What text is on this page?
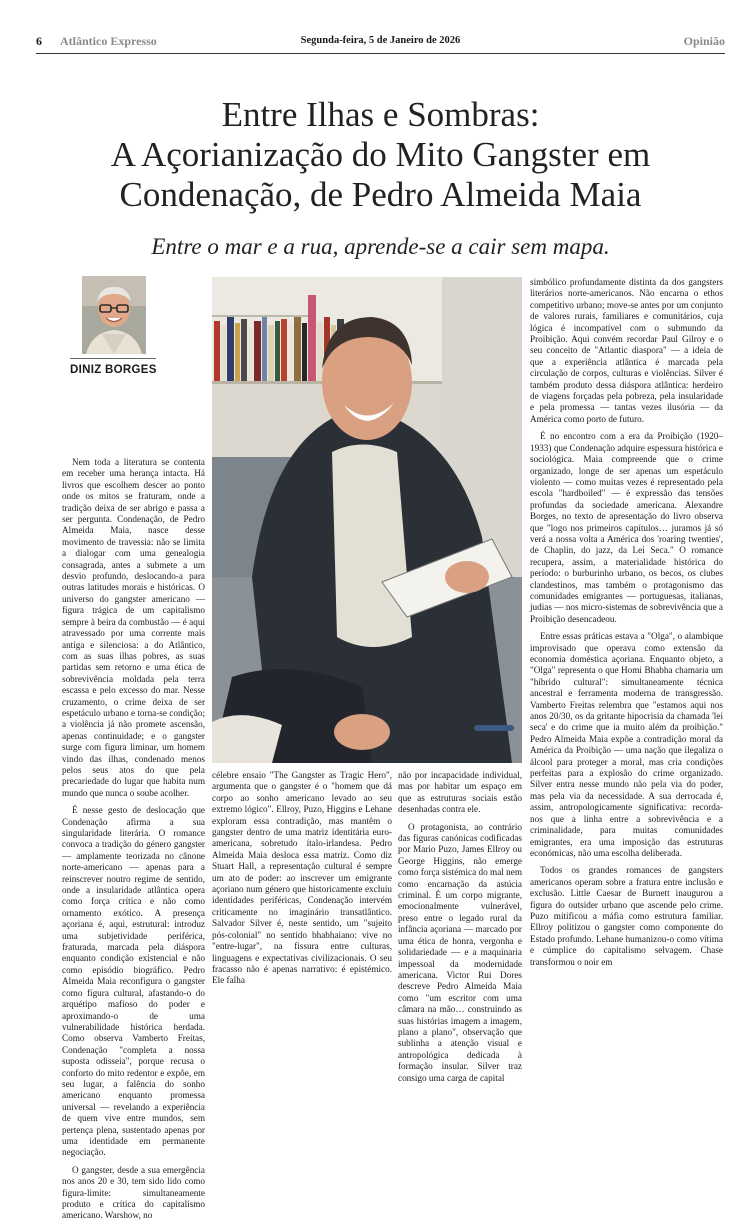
6 Atlântico Expresso	Segunda-feira, 5 de Janeiro de 2026	Opinião
Entre Ilhas e Sombras:
A Açorianização do Mito Gangster em
Condenação, de Pedro Almeida Maia
Entre o mar e a rua, aprende-se a cair sem mapa.
DINIZ BORGES

Nem toda a literatura se contenta em receber uma herança intacta. Há livros que escolhem descer ao ponto onde os mitos se fraturam, onde a tradição deixa de ser abrigo e passa a ser pergunta. Condenação, de Pedro Almeida Maia, nasce desse movimento de travessia: não se limita a dialogar com uma genealogia consagrada, antes a submete a um desvio profundo, deslocando-a para outras latitudes morais e históricas. O universo do gangster americano — figura trágica de um capitalismo sempre à beira da combustão — é aqui atravessado por uma corrente mais antiga e silenciosa: a do Atlântico, com as suas ilhas pobres, as suas partidas sem retorno e uma ética de sobrevivência moldada pela terra escassa e pelo excesso do mar. Nesse cruzamento, o crime deixa de ser espetáculo urbano e torna-se condição; a violência já não promete ascensão, apenas continuidade; e o gangster surge com figura liminar, um homem vindo das ilhas, condenado menos pelos seus atos do que pela precariedade do lugar que habita num mundo que nunca o soube acolher.

É nesse gesto de deslocação que Condenação afirma a sua singularidade literária. O romance convoca a tradição do género gangster — amplamente teorizada no cânone norte-americano — apenas para a reinscrever noutro regime de sentido, onde a insularidade atlântica opera como força crítica e não como ornamento exótico. A presença açoriana é, aqui, estrutural: introduz uma subjetividade periférica, fraturada, marcada pela diáspora enquanto condição existencial e não como episódio biográfico. Pedro Almeida Maia reconfigura o gangster como figura cultural, afastando-o do arquétipo mafioso do poder e aproximando-o de uma vulnerabilidade histórica herdada. Como observa Vamberto Freitas, Condenação "completa a nossa suposta odisseia", porque recusa o conforto do mito redentor e expõe, em seu lugar, a falência do sonho americano enquanto promessa universal — revelando a experiência de quem vive entre mundos, sem pertença plena, sustentado apenas por uma identidade em permanente negociação.

O gangster, desde a sua emergência nos anos 20 e 30, tem sido lido como figura-limite: simultaneamente produto e crítica do capitalismo americano. Warshow, no

célebre ensaio "The Gangster as Tragic Hero", argumenta que o gangster é o "homem que dá corpo ao sonho americano levado ao seu extremo lógico". Ellroy, Puzo, Higgins e Lehane exploram essa contradição, mas mantêm o gangster dentro de uma matriz identitária euro-americana, sobretudo ítalo-irlandesa. Pedro Almeida Maia desloca essa matriz. Como diz Stuart Hall, a representação cultural é sempre um ato de poder: ao inscrever um emigrante açoriano num género que historicamente excluiu identidades periféricas, Condenação intervém criticamente no imaginário transatlântico. Salvador Silver é, neste sentido, um "sujeito pós-colonial" no sentido bhabhaiano: vive no "entre-lugar", na fissura entre culturas, linguagens e expectativas civilizacionais. O seu fracasso não é apenas narrativo: é epistémico. Ele falha

não por incapacidade individual, mas por habitar um espaço em que as estruturas sociais estão desenhadas contra ele.

O protagonista, ao contrário das figuras canónicas codificadas por Mario Puzo, James Ellroy ou George Higgins, não emerge como força sistémica do mal nem como encarnação da astúcia criminal. É um corpo migrante, emocionalmente vulnerável, preso entre o legado rural da infância açoriana — marcado por uma ética de honra, vergonha e solidariedade — e a maquinaria impessoal da modernidade americana. Victor Rui Dores descreve Pedro Almeida Maia como "um escritor com uma câmara na mão… construindo as suas histórias imagem a imagem, plano a plano", observação que sublinha a atenção visual e antropológica dedicada à formação insular. Silver traz consigo uma carga de capital

simbólico profundamente distinta da dos gangsters literários norte-americanos. Não encarna o ethos competitivo urbano; move-se antes por um conjunto de valores rurais, familiares e comunitários, cuja lógica é incompatível com o submundo da Proibição. Aqui convém recordar Paul Gilroy e o seu conceito de "Atlantic diaspora" — a ideia de que a experiência atlântica é marcada pela circulação de corpos, culturas e violências. Silver é também produto dessa diáspora atlântica: herdeiro de viagens forçadas pela pobreza, pela insularidade e pela promessa — tantas vezes ilusória — da América como porto de futuro.

É no encontro com a era da Proibição (1920–1933) que Condenação adquire espessura histórica e sociológica. Maia compreende que o crime organizado, longe de ser apenas um espetáculo violento — como muitas vezes é representado pela escola "hardboiled" — é expressão das tensões profundas da sociedade americana. Alexandre Borges, no texto de apresentação do livro observa que "logo nos primeiros capítulos… juramos já só verá a nossa volta a América dos 'roaring twenties', de Chaplin, do jazz, da Lei Seca." O romance recupera, assim, a materialidade histórica do período: o burburinho urbano, os becos, os clubes clandestinos, mas também o protagonismo das comunidades emigrantes — portuguesas, italianas, judias — nos micro-sistemas de sobrevivência que a Proibição desencadeou.

Entre essas práticas estava a "Olga", o alambique improvisado que operava como extensão da economia doméstica açoriana. Enquanto objeto, a "Olga" representa o que Homi Bhabha chamaria um "híbrido cultural": simultaneamente técnica ancestral e ferramenta moderna de transgressão. Vamberto Freitas relembra que "estamos aqui nos anos 20/30, os da gritante hipocrisia da chamada 'lei seca' e do crime que ia muito além da proibição." Pedro Almeida Maia expõe a contradição moral da América da Proibição — uma nação que ilegaliza o álcool para proteger a moral, mas cria condições perfeitas para a explosão do crime organizado. Silver entra nesse mundo não pela via do poder, mas pela via da necessidade. A sua derrocada é, assim, antropologicamente significativa: recorda-nos que a linha entre a sobrevivência e a criminalidade, para muitas comunidades emigrantes, era uma imposição das estruturas económicas, não uma escolha deliberada.

Todos os grandes romances de gangsters americanos operam sobre a fratura entre inclusão e exclusão. Little Caesar de Burnett inaugurou a figura do outsider urbano que ascende pelo crime. Puzo mitificou a máfia como estrutura familiar. Ellroy politizou o gangster como componente do Estado profundo. Lehane humanizou-o como vítima e cúmplice do capitalismo selvagem. Chase transformou o noir em
